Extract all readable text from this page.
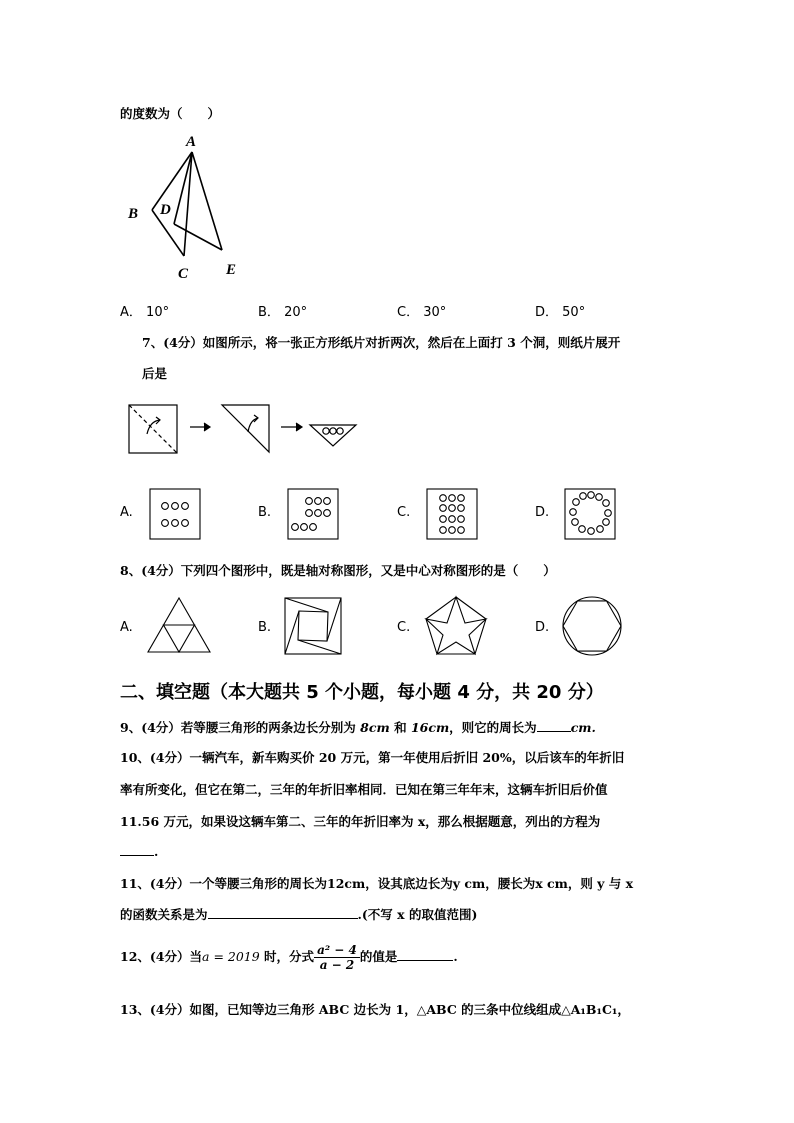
的度数为（　　）
A
B D
C	E
A． 10°	B． 20°	C． 30°	D． 50°
7、(4分）如图所示，将一张正方形纸片对折两次，然后在上面打 3 个洞，则纸片展开
后是
A.	B.	C.	D.
8、(4分）下列四个图形中，既是轴对称图形，又是中心对称图形的是（　　）
A.	B.	C.	D.
二、填空题（本大题共 5 个小题，每小题 4 分，共 20 分）
9、(4分）若等腰三角形的两条边长分别为 8cm 和 16cm，则它的周长为	cm.
10、(4分）一辆汽车，新车购买价 20 万元，第一年使用后折旧 20%，以后该车的年折旧
率有所变化，但它在第二，三年的年折旧率相同．已知在第三年年末，这辆车折旧后价值
11.56 万元，如果设这辆车第二、三年的年折旧率为 x，那么根据题意，列出的方程为
.
11、(4分）一个等腰三角形的周长为12cm，设其底边长为y cm，腰长为x cm，则 y 与 x
的函数关系是为	.(不写 x 的取值范围)
12、(4分）当a = 2019 时，分式 $\frac{\text{a² − 4}}{a - 2}$ 的值是	.
13、(4分）如图，已知等边三角形 ABC 边长为 1，△ABC 的三条中位线组成△A₁B₁C₁，
